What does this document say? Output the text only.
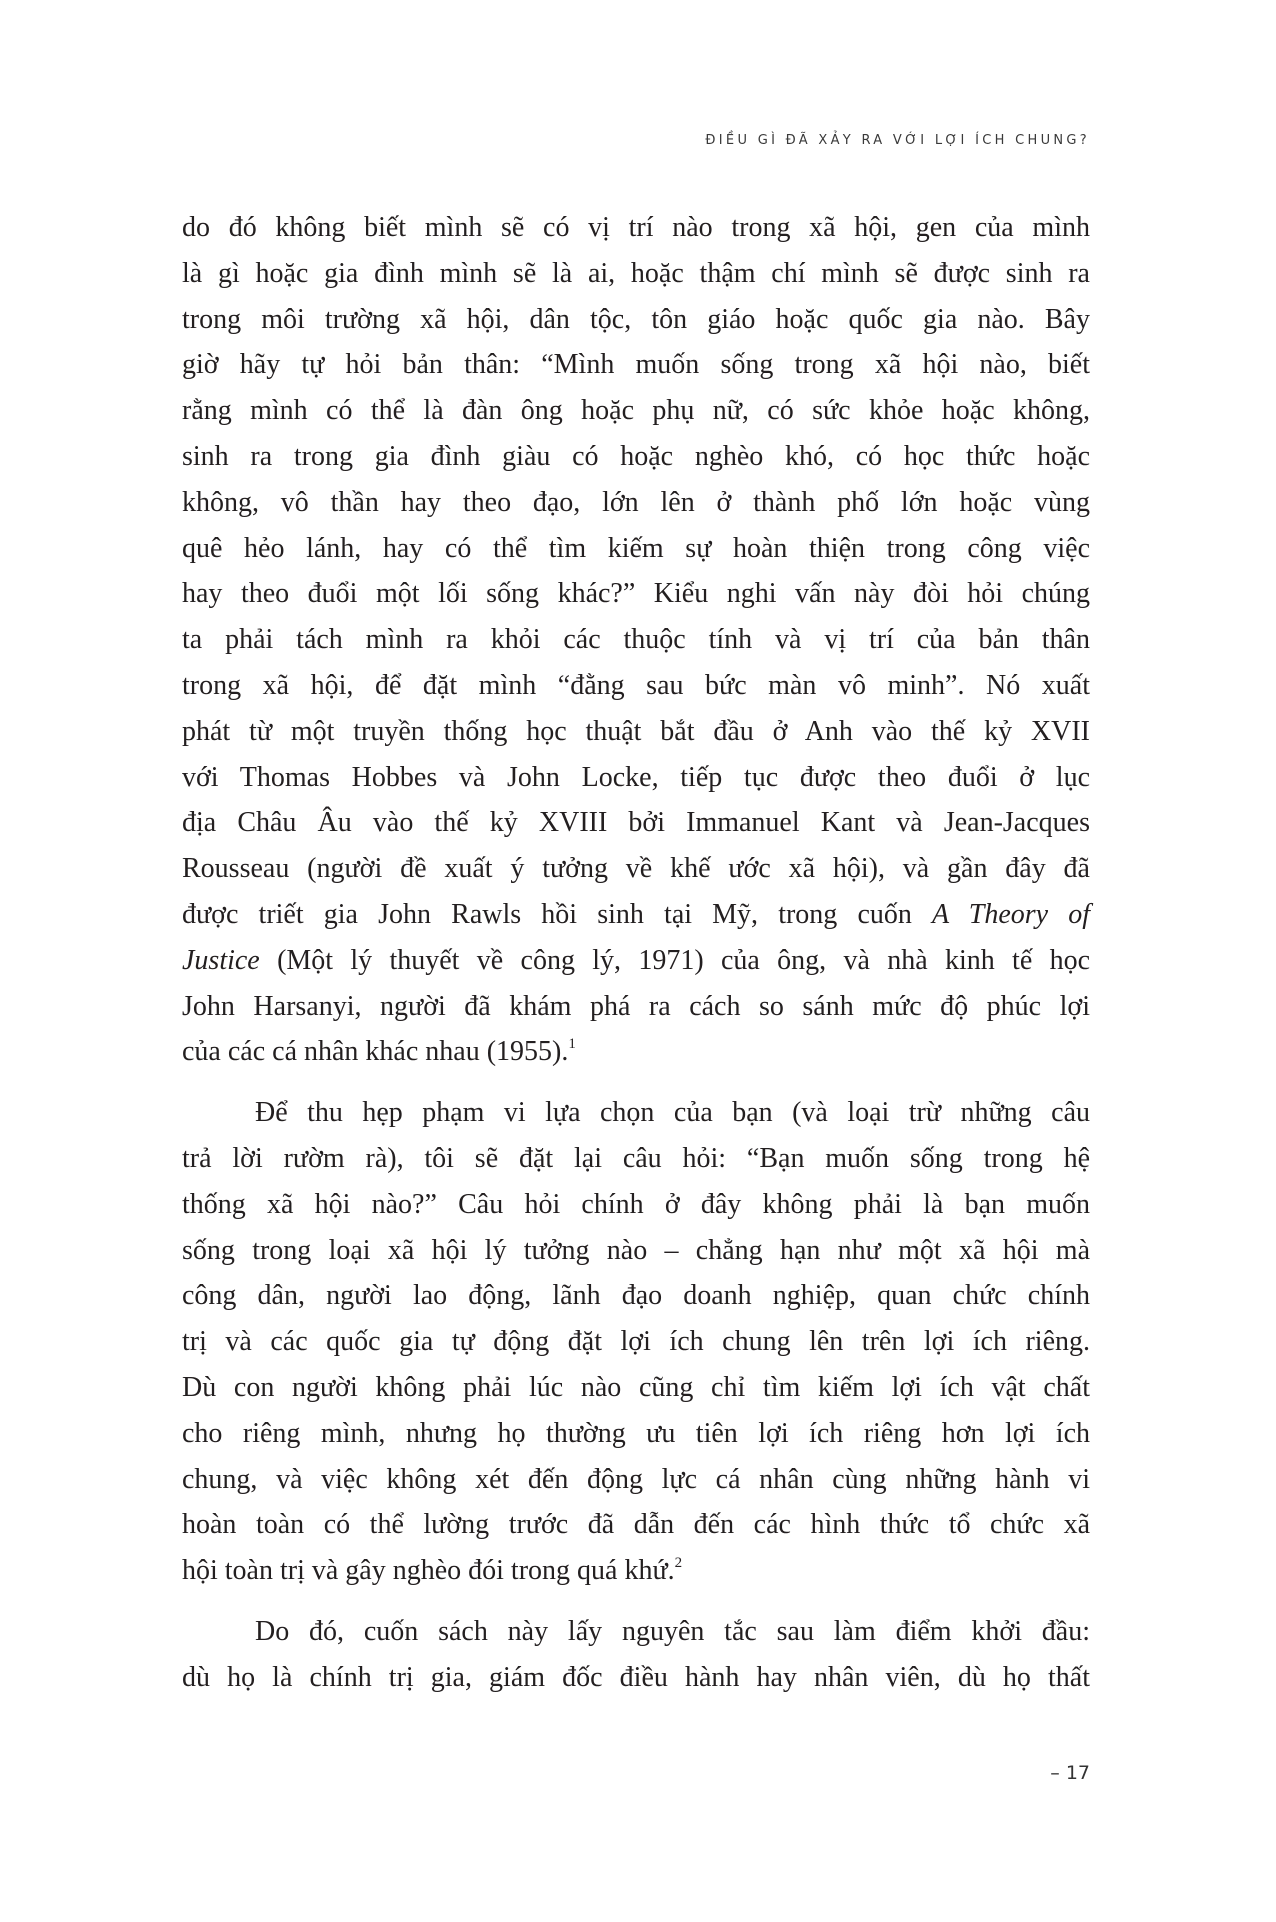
ĐIỀU GÌ ĐÃ XẢY RA VỚI LỢI ÍCH CHUNG?
do đó không biết mình sẽ có vị trí nào trong xã hội, gen của mình
là gì hoặc gia đình mình sẽ là ai, hoặc thậm chí mình sẽ được sinh ra
trong môi trường xã hội, dân tộc, tôn giáo hoặc quốc gia nào. Bây
giờ hãy tự hỏi bản thân: “Mình muốn sống trong xã hội nào, biết
rằng mình có thể là đàn ông hoặc phụ nữ, có sức khỏe hoặc không,
sinh ra trong gia đình giàu có hoặc nghèo khó, có học thức hoặc
không, vô thần hay theo đạo, lớn lên ở thành phố lớn hoặc vùng
quê hẻo lánh, hay có thể tìm kiếm sự hoàn thiện trong công việc
hay theo đuổi một lối sống khác?” Kiểu nghi vấn này đòi hỏi chúng
ta phải tách mình ra khỏi các thuộc tính và vị trí của bản thân
trong xã hội, để đặt mình “đằng sau bức màn vô minh”. Nó xuất
phát từ một truyền thống học thuật bắt đầu ở Anh vào thế kỷ XVII
với Thomas Hobbes và John Locke, tiếp tục được theo đuổi ở lục
địa Châu Âu vào thế kỷ XVIII bởi Immanuel Kant và Jean-Jacques
Rousseau (người đề xuất ý tưởng về khế ước xã hội), và gần đây đã
được triết gia John Rawls hồi sinh tại Mỹ, trong cuốn A Theory of
Justice (Một lý thuyết về công lý, 1971) của ông, và nhà kinh tế học
John Harsanyi, người đã khám phá ra cách so sánh mức độ phúc lợi
của các cá nhân khác nhau (1955).$^1$
Để thu hẹp phạm vi lựa chọn của bạn (và loại trừ những câu
trả lời rườm rà), tôi sẽ đặt lại câu hỏi: “Bạn muốn sống trong hệ
thống xã hội nào?” Câu hỏi chính ở đây không phải là bạn muốn
sống trong loại xã hội lý tưởng nào – chẳng hạn như một xã hội mà
công dân, người lao động, lãnh đạo doanh nghiệp, quan chức chính
trị và các quốc gia tự động đặt lợi ích chung lên trên lợi ích riêng.
Dù con người không phải lúc nào cũng chỉ tìm kiếm lợi ích vật chất
cho riêng mình, nhưng họ thường ưu tiên lợi ích riêng hơn lợi ích
chung, và việc không xét đến động lực cá nhân cùng những hành vi
hoàn toàn có thể lường trước đã dẫn đến các hình thức tổ chức xã
hội toàn trị và gây nghèo đói trong quá khứ.$^2$
Do đó, cuốn sách này lấy nguyên tắc sau làm điểm khởi đầu:
dù họ là chính trị gia, giám đốc điều hành hay nhân viên, dù họ thất
– 17
